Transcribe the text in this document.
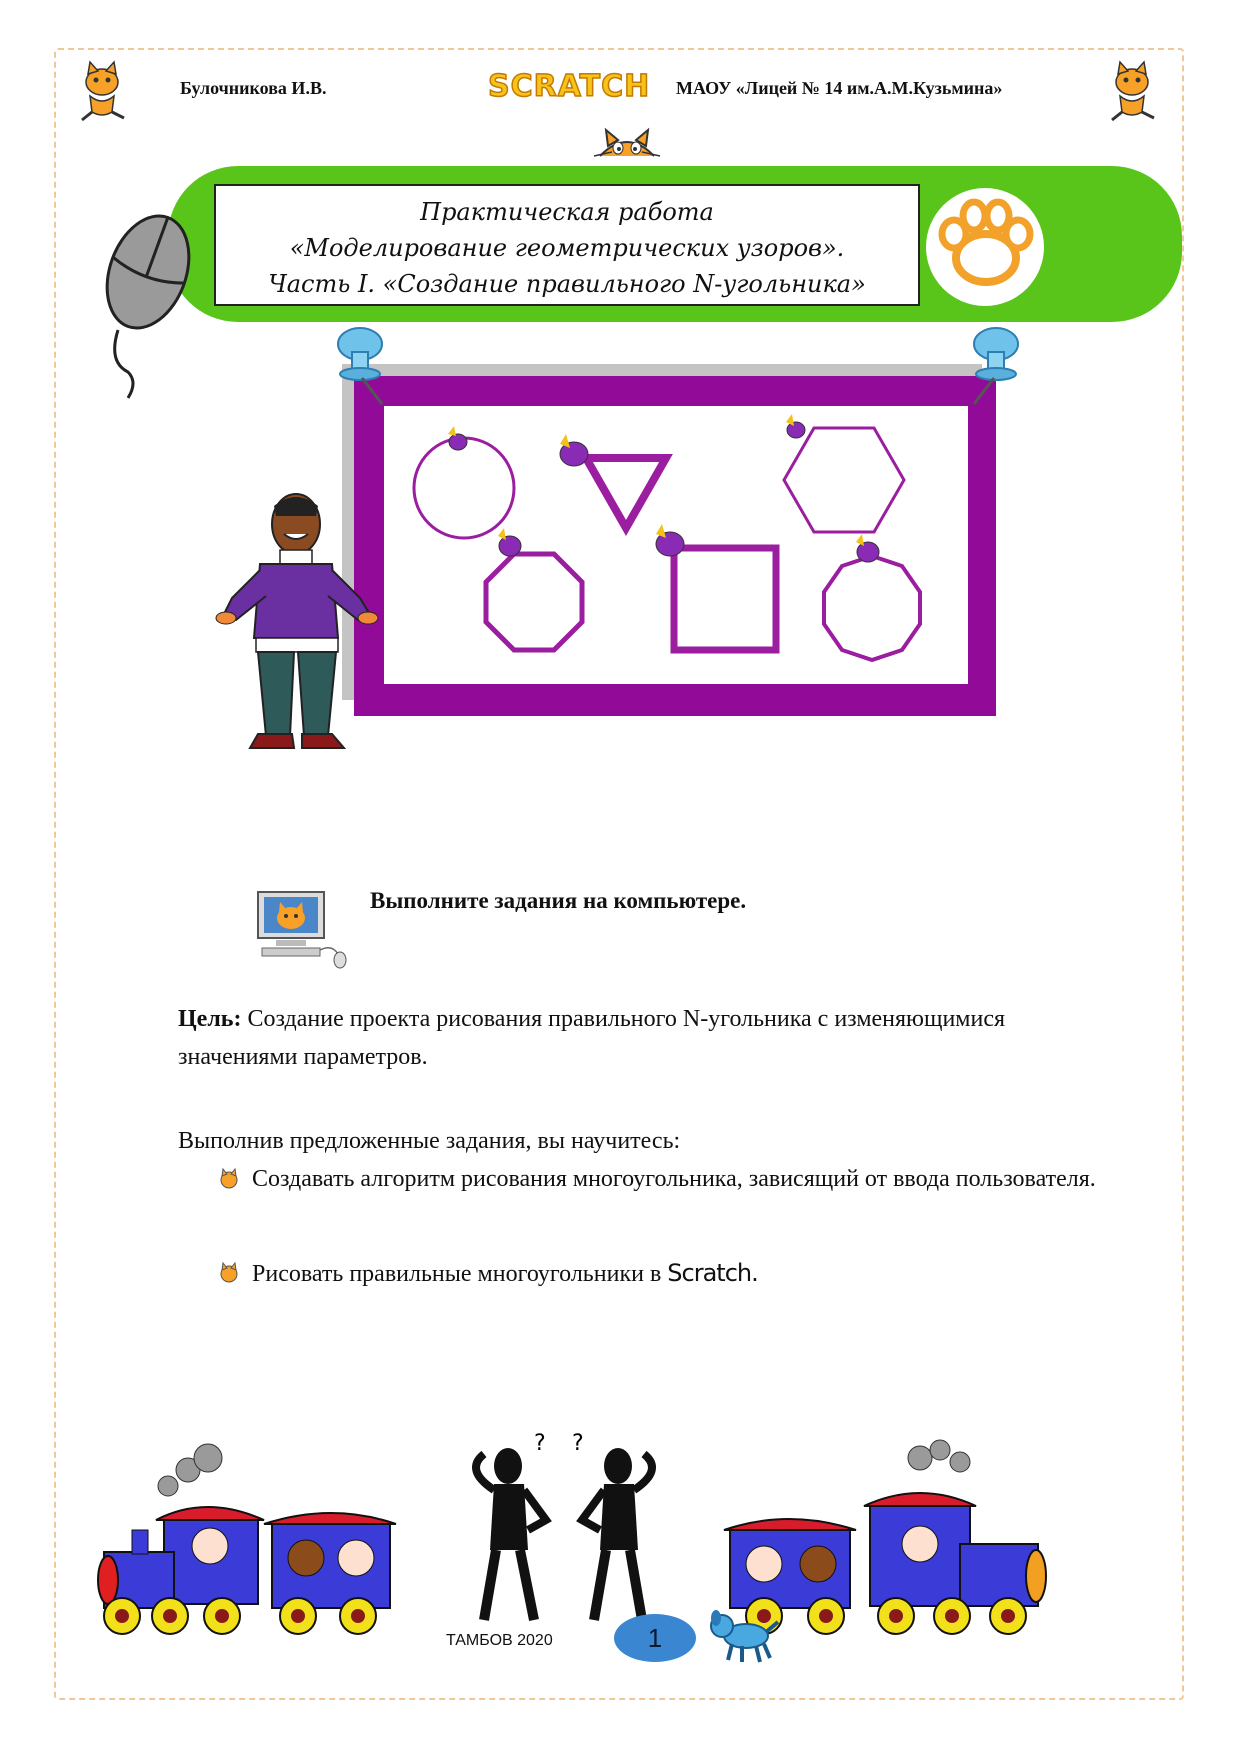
Булочникова И.В.	SCRATCH МАОУ «Лицей № 14 им.А.М.Кузьмина»
Практическая работа
«Моделирование геометрических узоров».
Часть I. «Создание правильного N-угольника»
Выполните задания на компьютере.
Цель: Создание проекта рисования правильного N-угольника с изменяющимися значениями параметров.
Выполнив предложенные задания, вы научитесь:
Создавать алгоритм рисования многоугольника, зависящий от ввода пользователя.
Рисовать правильные многоугольники в Scratch.
? ?
ТАМБОВ 2020	1
